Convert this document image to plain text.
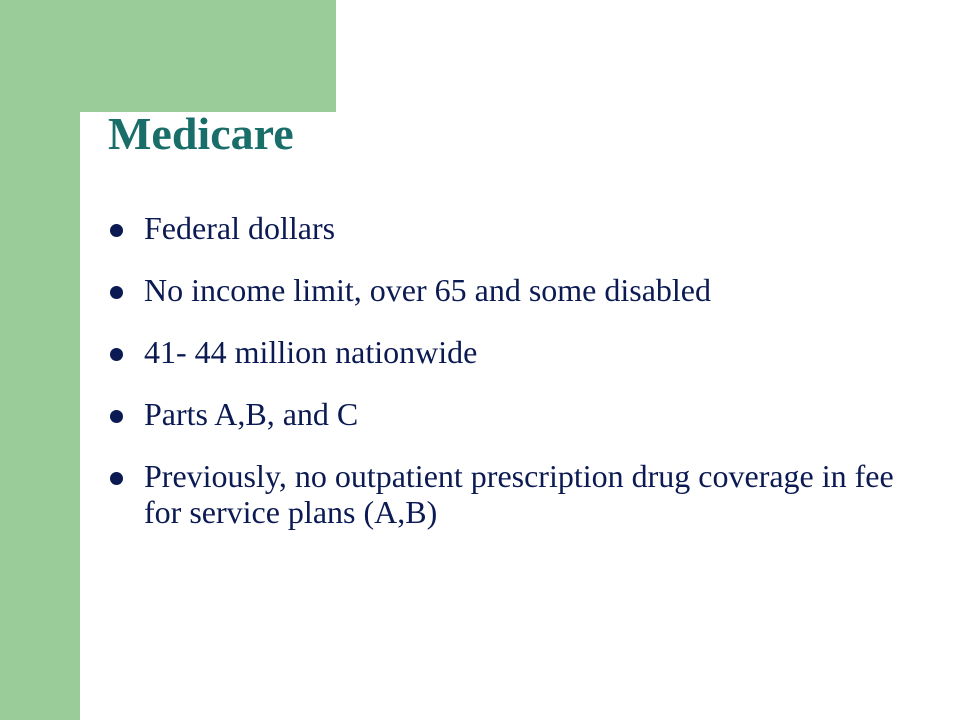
Medicare
Federal dollars
No income limit, over 65 and some disabled
41- 44 million nationwide
Parts A,B, and C
Previously, no outpatient prescription drug coverage in fee for service plans (A,B)
